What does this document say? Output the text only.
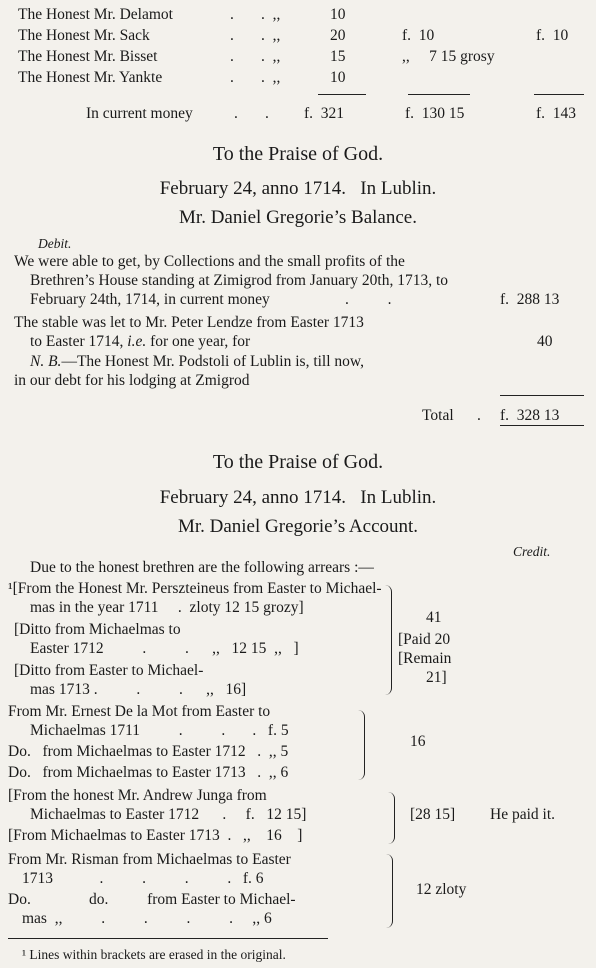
The Honest Mr. Delamot	.       .  ,,	10
The Honest Mr. Sack	.       .  ,,	20	f.  10	f.  10
The Honest Mr. Bisset	.       .  ,,	15	,,     7 15 grosy
The Honest Mr. Yankte	.       .  ,,	10
In current money	.       . f.  321	f.  130 15	f.  143
To the Praise of God.
February 24, anno 1714.   In Lublin.
Mr. Daniel Gregorie’s Balance.
Debit.
We were able to get, by Collections and the small profits of the
Brethren’s House standing at Zimigrod from January 20th, 1713, to
February 24th, 1714, in current money	.          .	f.  288 13
The stable was let to Mr. Peter Lendze from Easter 1713
to Easter 1714, i.e. for one year, for	40
N. B.—The Honest Mr. Podstoli of Lublin is, till now,
in our debt for his lodging at Zmigrod
Total . f.  328 13
To the Praise of God.
February 24, anno 1714.   In Lublin.
Mr. Daniel Gregorie’s Account.
Credit.
Due to the honest brethren are the following arrears :—
¹[From the Honest Mr. Perszteineus from Easter to Michael-
mas in the year 1711     .  zloty 12 15 grozy]
[Ditto from Michaelmas to
Easter 1712          .          .      ,,   12 15  ,,   ]
[Ditto from Easter to Michael-
mas 1713 .          .          .      ,,   16]
41
[Paid 20
[Remain
21]
From Mr. Ernest De la Mot from Easter to
Michaelmas 1711          .          .       .   f. 5
Do.   from Michaelmas to Easter 1712   .  ,, 5
Do.   from Michaelmas to Easter 1713   .  ,, 6
16
[From the honest Mr. Andrew Junga from
Michaelmas to Easter 1712      .     f.   12 15]
[From Michaelmas to Easter 1713  .   ,,    16    ]
[28 15] He paid it.
From Mr. Risman from Michaelmas to Easter
1713            .          .          .          .   f. 6
Do.               do.          from Easter to Michael-
mas  ,,          .          .          .          .     ,, 6
12 zloty
¹ Lines within brackets are erased in the original.
